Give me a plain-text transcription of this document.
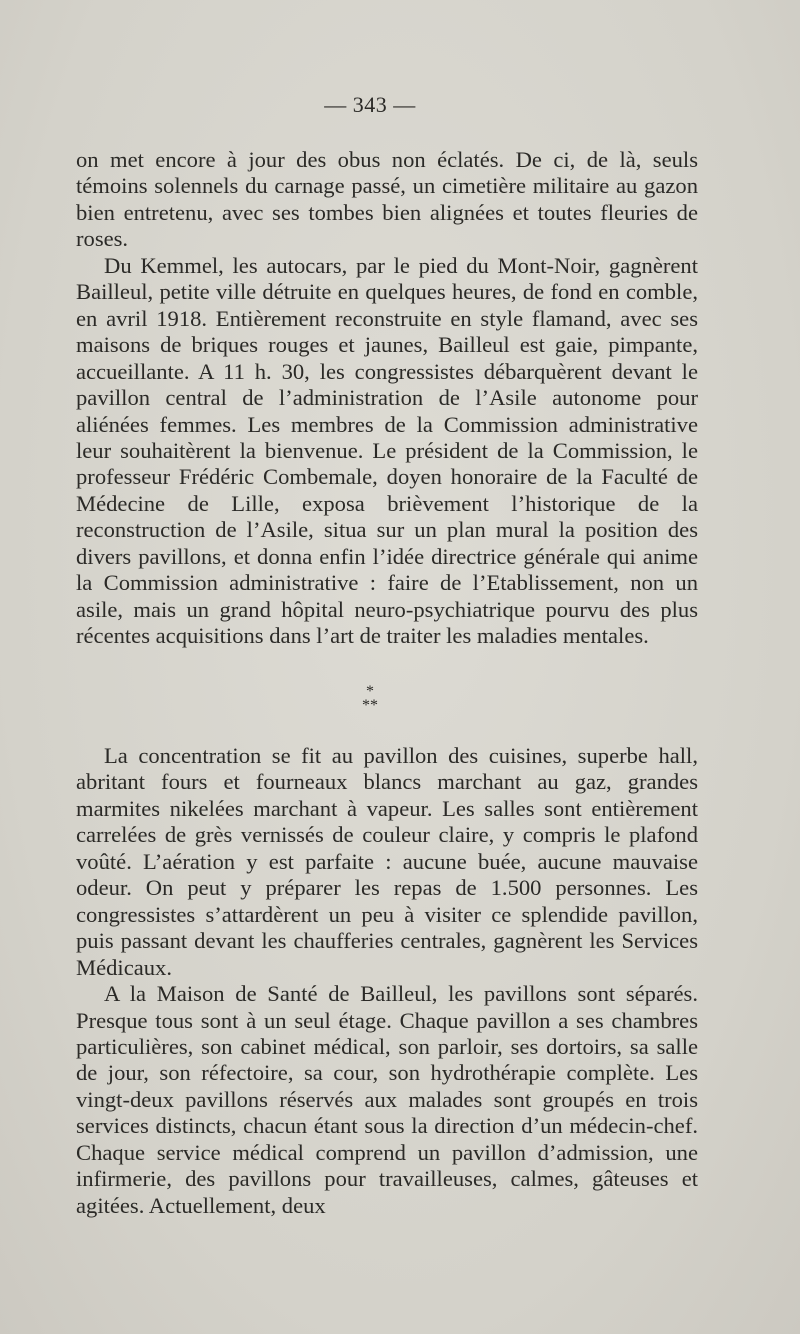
— 343 —

on met encore à jour des obus non éclatés. De ci, de là, seuls témoins solennels du carnage passé, un cimetière militaire au gazon bien entretenu, avec ses tombes bien alignées et toutes fleuries de roses.

Du Kemmel, les autocars, par le pied du Mont-Noir, gagnèrent Bailleul, petite ville détruite en quelques heures, de fond en comble, en avril 1918. Entièrement reconstruite en style flamand, avec ses maisons de briques rouges et jaunes, Bailleul est gaie, pimpante, accueillante. A 11 h. 30, les congressistes débarquèrent devant le pavillon central de l’administration de l’Asile autonome pour aliénées femmes. Les membres de la Commission administrative leur souhaitèrent la bienvenue. Le président de la Commission, le professeur Frédéric Combemale, doyen honoraire de la Faculté de Médecine de Lille, exposa brièvement l’historique de la reconstruction de l’Asile, situa sur un plan mural la position des divers pavillons, et donna enfin l’idée directrice générale qui anime la Commission administrative : faire de l’Etablissement, non un asile, mais un grand hôpital neuro-psychiatrique pourvu des plus récentes acquisitions dans l’art de traiter les maladies mentales.

*
**

La concentration se fit au pavillon des cuisines, superbe hall, abritant fours et fourneaux blancs marchant au gaz, grandes marmites nikelées marchant à vapeur. Les salles sont entièrement carrelées de grès vernissés de couleur claire, y compris le plafond voûté. L’aération y est parfaite : aucune buée, aucune mauvaise odeur. On peut y préparer les repas de 1.500 personnes. Les congressistes s’attardèrent un peu à visiter ce splendide pavillon, puis passant devant les chaufferies centrales, gagnèrent les Services Médicaux.

A la Maison de Santé de Bailleul, les pavillons sont séparés. Presque tous sont à un seul étage. Chaque pavillon a ses chambres particulières, son cabinet médical, son parloir, ses dortoirs, sa salle de jour, son réfectoire, sa cour, son hydrothérapie complète. Les vingt-deux pavillons réservés aux malades sont groupés en trois services distincts, chacun étant sous la direction d’un médecin-chef. Chaque service médical comprend un pavillon d’admission, une infirmerie, des pavillons pour travailleuses, calmes, gâteuses et agitées. Actuellement, deux
